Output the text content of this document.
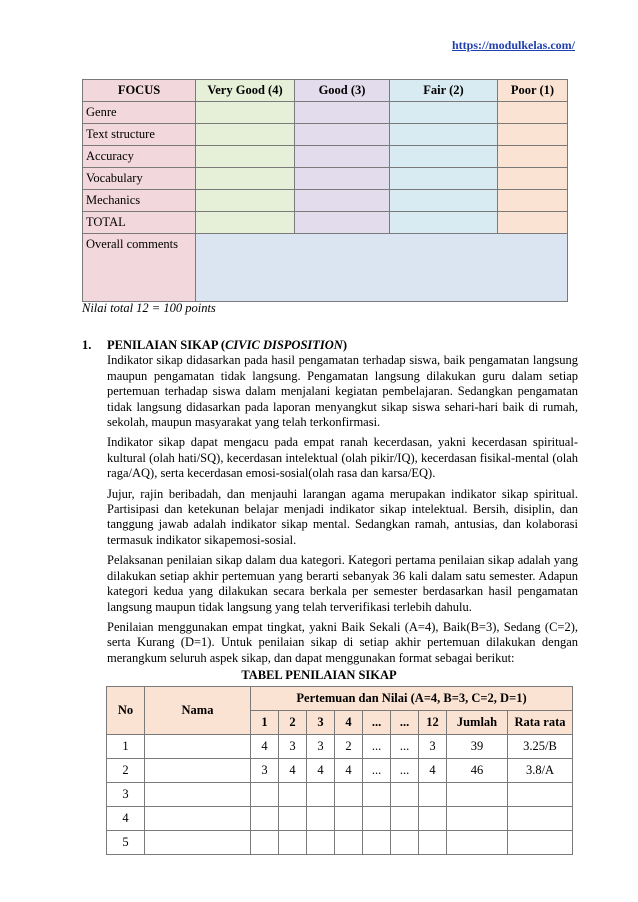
https://modulkelas.com/
FOCUS	Very Good (4)	Good (3)	Fair (2)	Poor (1)
Genre				
Text structure				
Accuracy				
Vocabulary				
Mechanics				
TOTAL				
Overall comments				
Nilai total 12 = 100 points
1. PENILAIAN SIKAP (CIVIC DISPOSITION)

Indikator sikap didasarkan pada hasil pengamatan terhadap siswa, baik pengamatan langsung maupun pengamatan tidak langsung. Pengamatan langsung dilakukan guru dalam setiap pertemuan terhadap siswa dalam menjalani kegiatan pembelajaran. Sedangkan pengamatan tidak langsung didasarkan pada laporan menyangkut sikap siswa sehari-hari baik di rumah, sekolah, maupun masyarakat yang telah terkonfirmasi.

Indikator sikap dapat mengacu pada empat ranah kecerdasan, yakni kecerdasan spiritual-kultural (olah hati/SQ), kecerdasan intelektual (olah pikir/IQ), kecerdasan fisikal-mental (olah raga/AQ), serta kecerdasan emosi-sosial(olah rasa dan karsa/EQ).

Jujur, rajin beribadah, dan menjauhi larangan agama merupakan indikator sikap spiritual. Partisipasi dan ketekunan belajar menjadi indikator sikap intelektual. Bersih, disiplin, dan tanggung jawab adalah indikator sikap mental. Sedangkan ramah, antusias, dan kolaborasi termasuk indikator sikapemosi-sosial.

Pelaksanan penilaian sikap dalam dua kategori. Kategori pertama penilaian sikap adalah yang dilakukan setiap akhir pertemuan yang berarti sebanyak 36 kali dalam satu semester. Adapun kategori kedua yang dilakukan secara berkala per semester berdasarkan hasil pengamatan langsung maupun tidak langsung yang telah terverifikasi terlebih dahulu.

Penilaian menggunakan empat tingkat, yakni Baik Sekali (A=4), Baik(B=3), Sedang (C=2), serta Kurang (D=1). Untuk penilaian sikap di setiap akhir pertemuan dilakukan dengan merangkum seluruh aspek sikap, dan dapat menggunakan format sebagai berikut:

TABEL PENILAIAN SIKAP
No	Nama	Pertemuan dan Nilai (A=4, B=3, C=2, D=1)								
		1	2	3	4	...	...	12	Jumlah	Rata rata
1		4	3	3	2	...	...	3	39	3.25/B
2		3	4	4	4	...	...	4	46	3.8/A
3										
4										
5										
